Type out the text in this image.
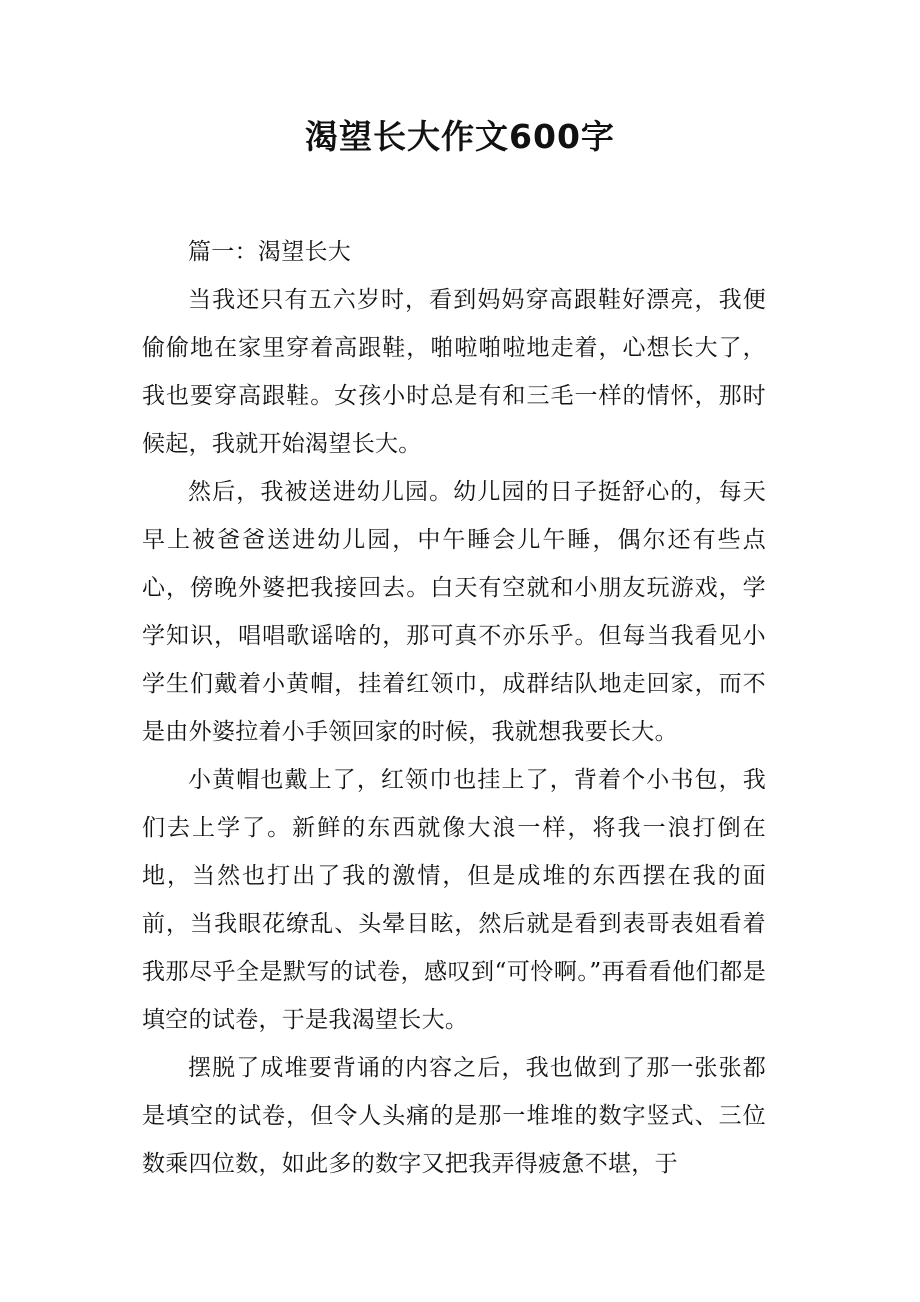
渴望长大作文600字

篇一：渴望长大

当我还只有五六岁时，看到妈妈穿高跟鞋好漂亮，我便偷偷地在家里穿着高跟鞋，啪啦啪啦地走着，心想长大了，我也要穿高跟鞋。女孩小时总是有和三毛一样的情怀，那时候起，我就开始渴望长大。

然后，我被送进幼儿园。幼儿园的日子挺舒心的，每天早上被爸爸送进幼儿园，中午睡会儿午睡，偶尔还有些点心，傍晚外婆把我接回去。白天有空就和小朋友玩游戏，学学知识，唱唱歌谣啥的，那可真不亦乐乎。但每当我看见小学生们戴着小黄帽，挂着红领巾，成群结队地走回家，而不是由外婆拉着小手领回家的时候，我就想我要长大。

小黄帽也戴上了，红领巾也挂上了，背着个小书包，我们去上学了。新鲜的东西就像大浪一样，将我一浪打倒在地，当然也打出了我的激情，但是成堆的东西摆在我的面前，当我眼花缭乱、头晕目眩，然后就是看到表哥表姐看着我那尽乎全是默写的试卷，感叹到“可怜啊。”再看看他们都是填空的试卷，于是我渴望长大。

摆脱了成堆要背诵的内容之后，我也做到了那一张张都是填空的试卷，但令人头痛的是那一堆堆的数字竖式、三位数乘四位数，如此多的数字又把我弄得疲惫不堪，于
